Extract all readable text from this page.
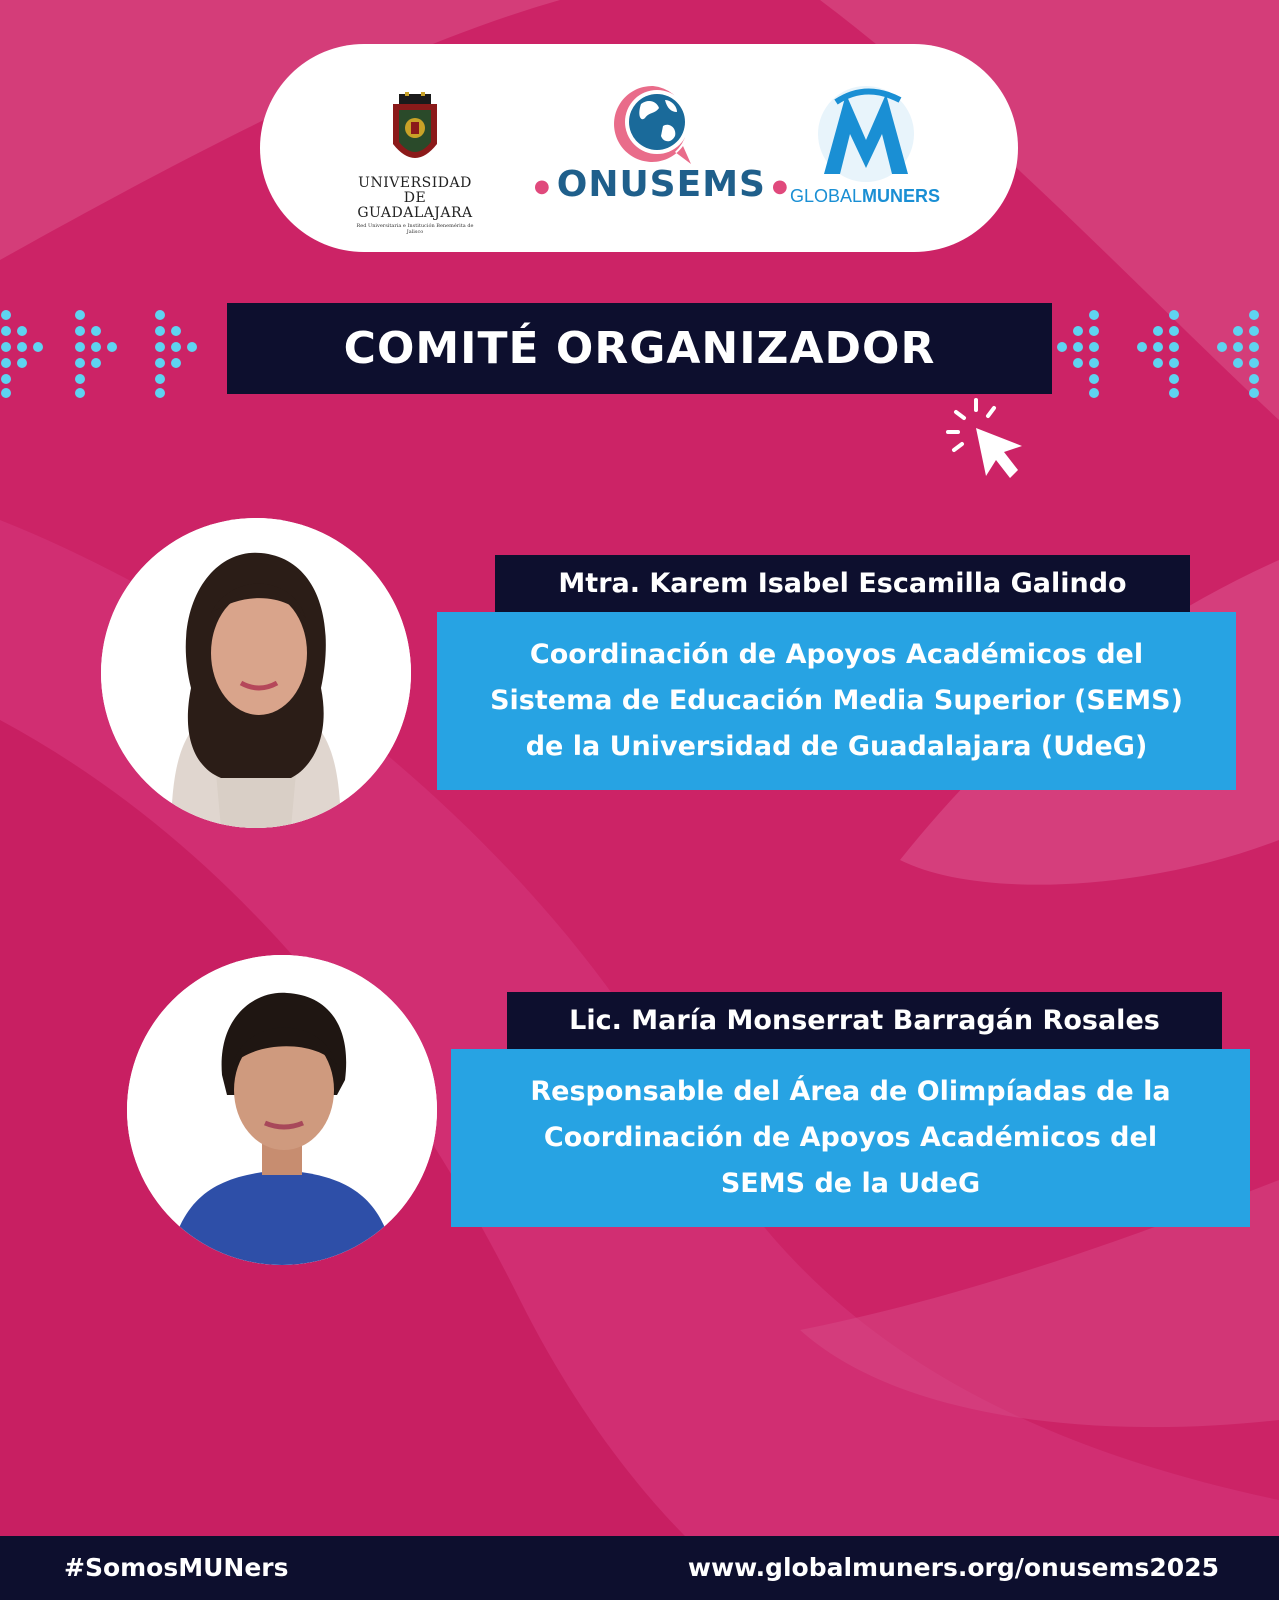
UNIVERSIDAD DE
GUADALAJARA
Red Universitaria e Institución Benemérita de Jalisco
● ONUSEMS ● GLOBALMUNERS
COMITÉ ORGANIZADOR
Mtra. Karem Isabel Escamilla Galindo
Coordinación de Apoyos Académicos del
Sistema de Educación Media Superior (SEMS)
de la Universidad de Guadalajara (UdeG)
Lic. María Monserrat Barragán Rosales
Responsable del Área de Olimpíadas de la
Coordinación de Apoyos Académicos del
SEMS de la UdeG
#SomosMUNers	www.globalmuners.org/onusems2025
